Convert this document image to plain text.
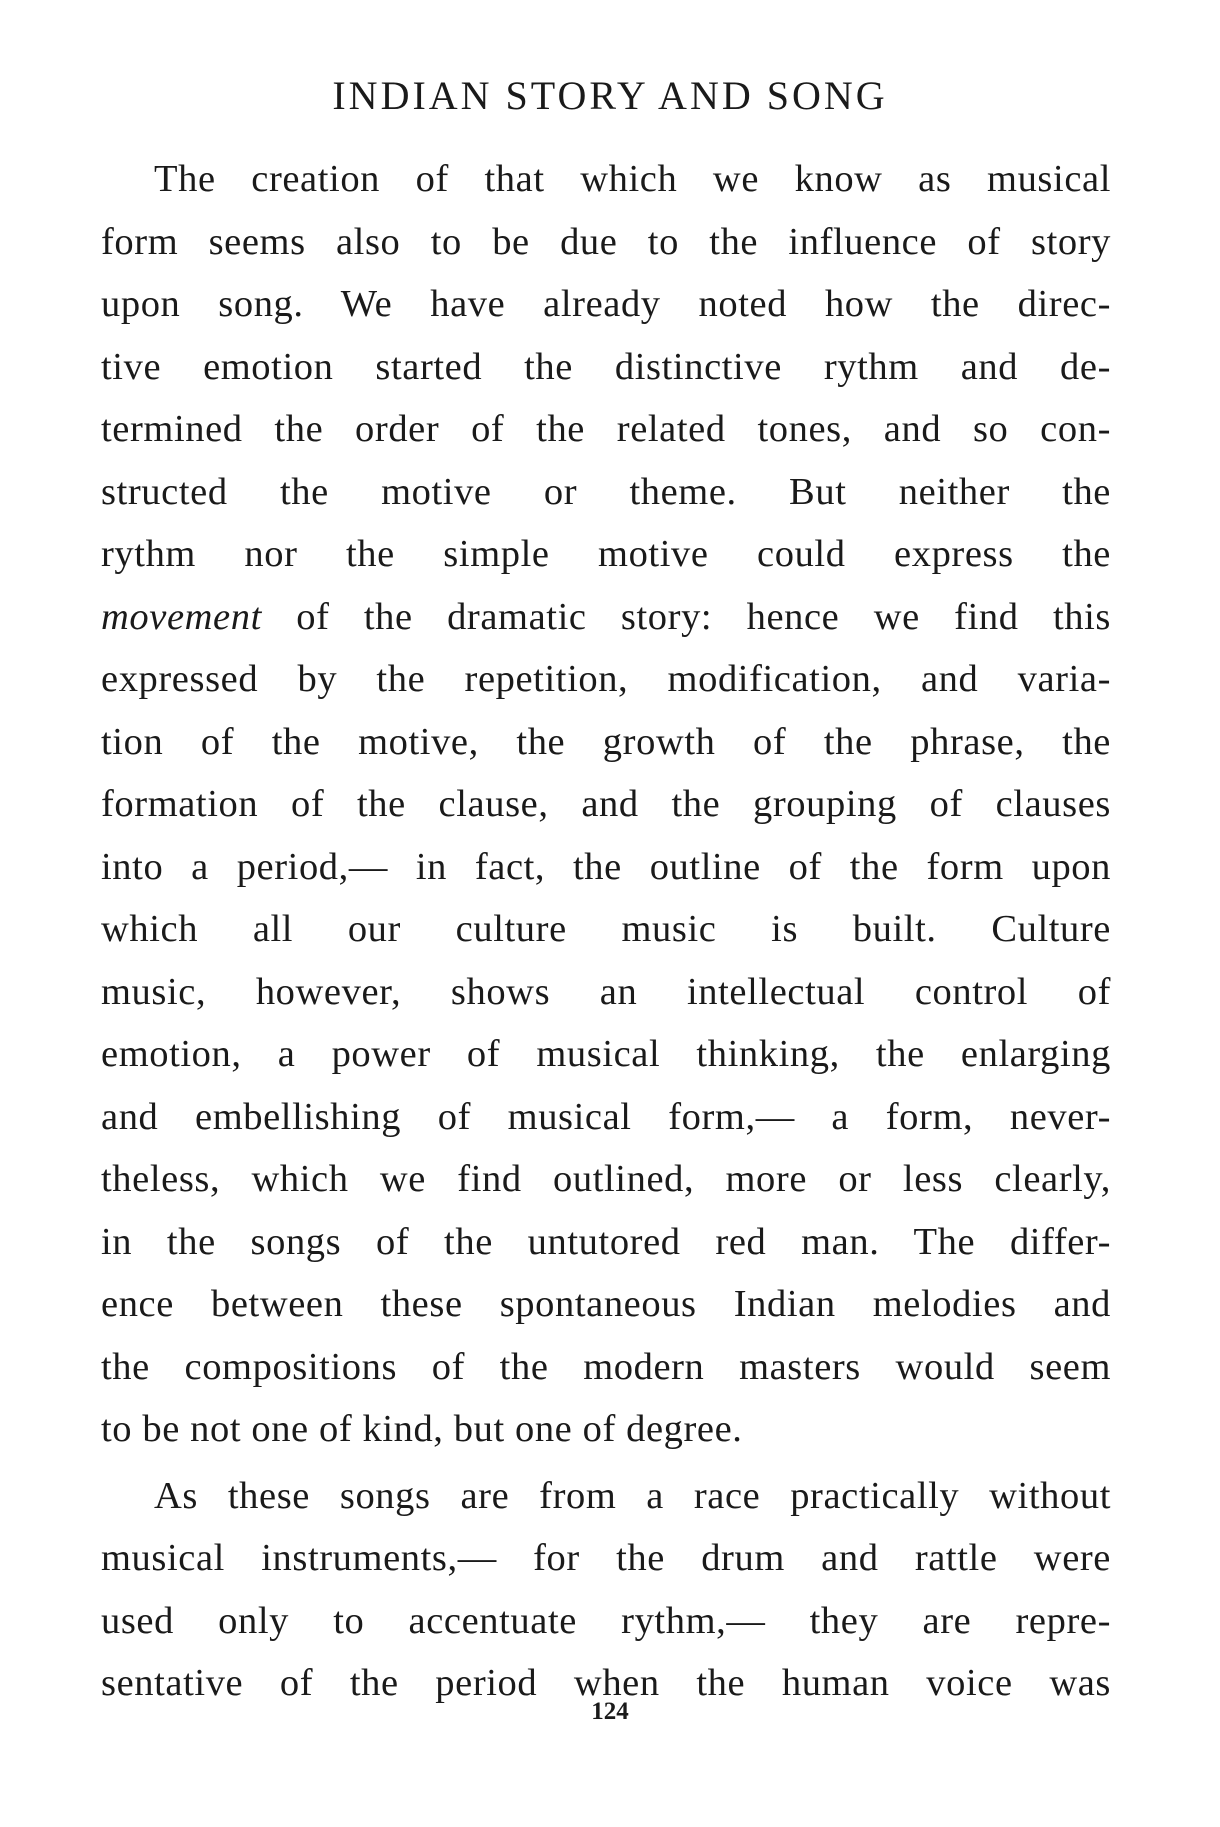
INDIAN STORY AND SONG
The creation of that which we know as musical
form seems also to be due to the influence of story
upon song. We have already noted how the direc-
tive emotion started the distinctive rythm and de-
termined the order of the related tones, and so con-
structed the motive or theme. But neither the
rythm nor the simple motive could express the
movement of the dramatic story: hence we find this
expressed by the repetition, modification, and varia-
tion of the motive, the growth of the phrase, the
formation of the clause, and the grouping of clauses
into a period,— in fact, the outline of the form upon
which all our culture music is built. Culture
music, however, shows an intellectual control of
emotion, a power of musical thinking, the enlarging
and embellishing of musical form,— a form, never-
theless, which we find outlined, more or less clearly,
in the songs of the untutored red man. The differ-
ence between these spontaneous Indian melodies and
the compositions of the modern masters would seem
to be not one of kind, but one of degree.
As these songs are from a race practically without
musical instruments,— for the drum and rattle were
used only to accentuate rythm,— they are repre-
sentative of the period when the human voice was
124
